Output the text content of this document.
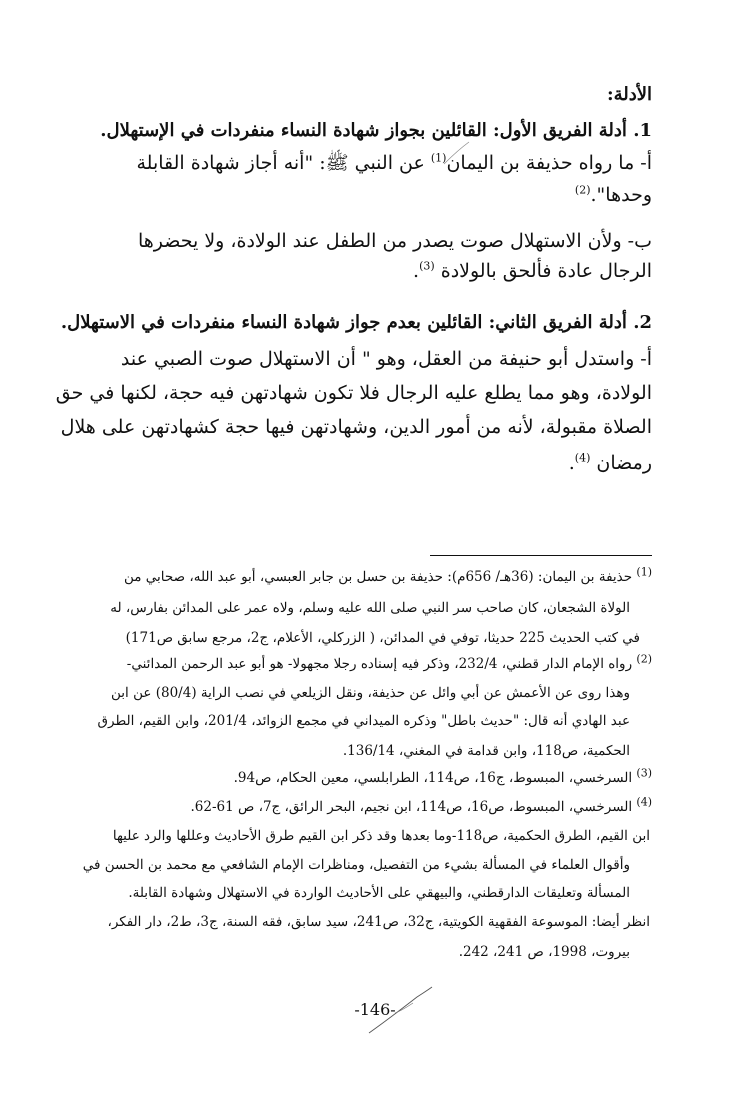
الأدلة:
1. أدلة الفريق الأول: القائلين بجواز شهادة النساء منفردات في الإستهلال.
أ- ما رواه حذيفة بن اليمان$^{(1)}$ عن النبي ﷺ: "أنه أجاز شهادة القابلة
وحدها".$^{(2)}$
ب- ولأن الاستهلال صوت يصدر من الطفل عند الولادة، ولا يحضرها
الرجال عادة فألحق بالولادة $^{(3)}$.
2. أدلة الفريق الثاني: القائلين بعدم جواز شهادة النساء منفردات في الاستهلال.
أ- واستدل أبو حنيفة من العقل، وهو " أن الاستهلال صوت الصبي عند
الولادة، وهو مما يطلع عليه الرجال فلا تكون شهادتهن فيه حجة، لكنها في حق
الصلاة مقبولة، لأنه من أمور الدين، وشهادتهن فيها حجة كشهادتهن على هلال
رمضان $^{(4)}$.
$^{(1)}$ حذيفة بن اليمان: (36هـ/ 656م): حذيفة بن حسل بن جابر العبسي، أبو عبد الله، صحابي من
الولاة الشجعان، كان صاحب سر النبي صلى الله عليه وسلم، ولاه عمر على المدائن بفارس، له
في كتب الحديث 225 حديثا، توفي في المدائن، ( الزركلي، الأعلام، ج2، مرجع سابق ص171)
$^{(2)}$ رواه الإمام الدار قطني، 232/4، وذكر فيه إسناده رجلا مجهولا- هو أبو عبد الرحمن المدائني-
وهذا روى عن الأعمش عن أبي وائل عن حذيفة، ونقل الزيلعي في نصب الراية (80/4) عن ابن
عبد الهادي أنه قال: "حديث باطل" وذكره الميداني في مجمع الزوائد، 201/4، وابن القيم، الطرق
الحكمية، ص118، وابن قدامة في المغني، 136/14.
$^{(3)}$ السرخسي، المبسوط، ج16، ص114، الطرابلسي، معين الحكام، ص94.
$^{(4)}$ السرخسي، المبسوط، ص16، ص114، ابن نجيم، البحر الرائق، ج7، ص 61-62.
ابن القيم، الطرق الحكمية، ص118-وما بعدها وقد ذكر ابن القيم طرق الأحاديث وعللها والرد عليها
وأقوال العلماء في المسألة بشيء من التفصيل، ومناظرات الإمام الشافعي مع محمد بن الحسن في
المسألة وتعليقات الدارقطني، والبيهقي على الأحاديث الواردة في الاستهلال وشهادة القابلة.
انظر أيضا: الموسوعة الفقهية الكويتية، ج32، ص241، سيد سابق، فقه السنة، ج3، ط2، دار الفكر،
بيروت، 1998، ص 241، 242.
-146-
